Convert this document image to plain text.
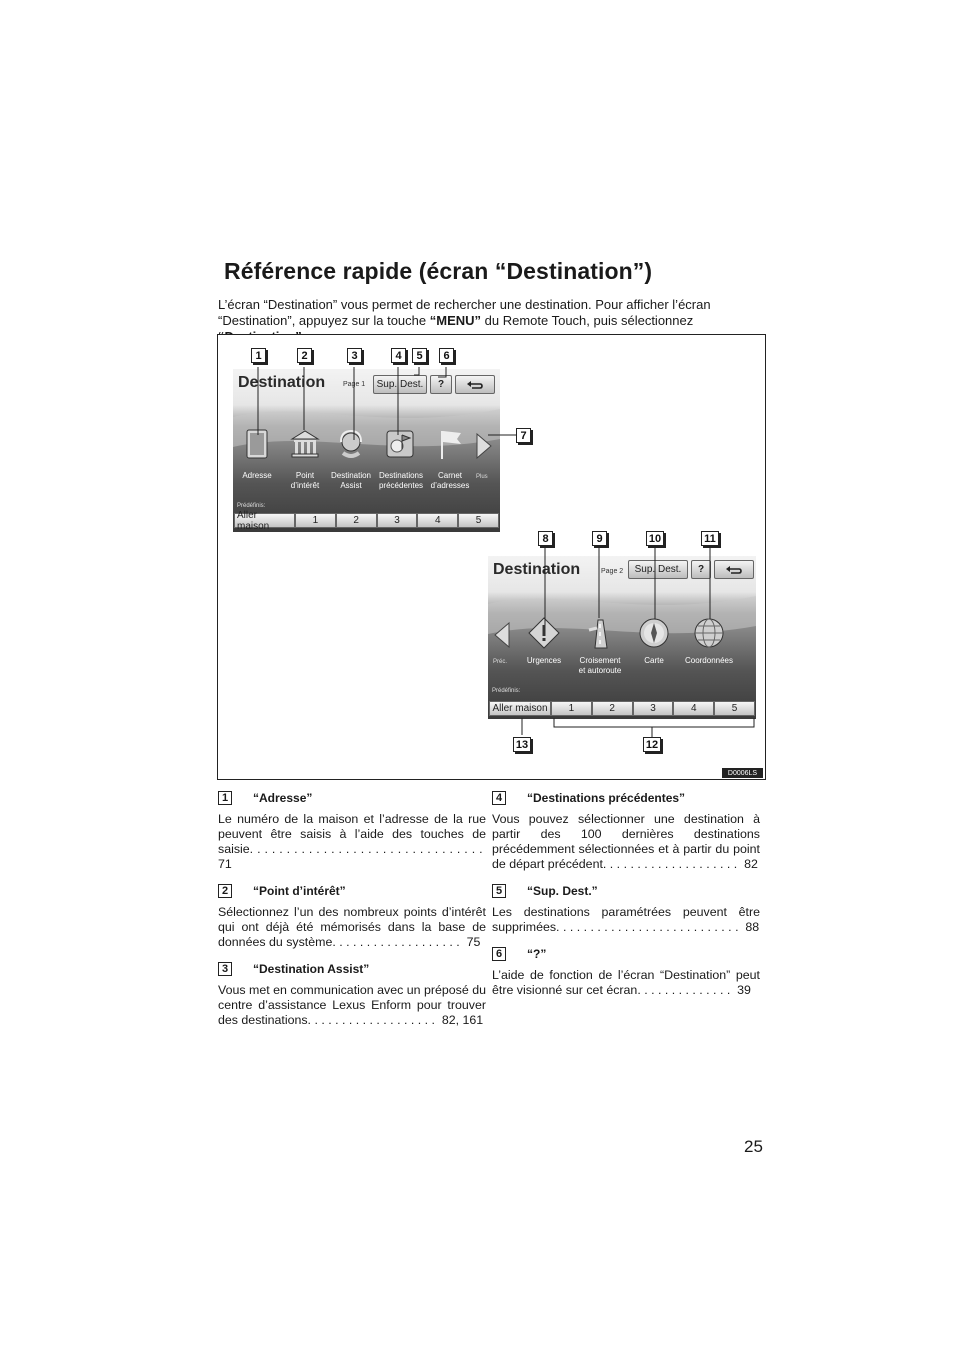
Référence rapide (écran “Destination”)
L’écran “Destination” vous permet de rechercher une destination. Pour afficher l’écran “Destination”, appuyez sur la touche “MENU” du Remote Touch, puis sélectionnez
Destination	Page 1	Sup. Dest.	?
Adresse	Point
d’intérêt
Destination
Assist
Destinations
précédentes
Carnet
d’adresses
Plus
Prédéfinis:
Aller maison	1	2	3	4	5
Destination	Page 2	Sup. Dest.	?
Préc.	Urgences	Croisement
et autoroute
Carte	Coordonnées
Prédéfinis:
Aller maison	1	2	3	4	5
1	2	3	4	5	6
7
8	9	10	11
12
13
D0006LS
1	“Adresse”
Le numéro de la maison et l’adresse de la rue peuvent être saisis à l’aide des touches de saisie. . . . . . . . . . . . . . . . . . . . . . . . . . . . . . . .  71
2	“Point d’intérêt”
Sélectionnez l’un des nombreux points d’intérêt qui ont déjà été mémorisés dans la base de données du système. . . . . . . . . . . . . . . . . . .  75
3	“Destination Assist”
Vous met en communication avec un préposé du centre d’assistance Lexus Enform pour trouver des destinations. . . . . . . . . . . . . . . . . . .  82, 161
4	“Destinations précédentes”
Vous pouvez sélectionner une destination à partir des 100 dernières destinations précédemment sélectionnées et à partir du point de départ précédent. . . . . . . . . . . . . . . . . . . .  82
5	“Sup. Dest.”
Les destinations paramétrées peuvent être supprimées. . . . . . . . . . . . . . . . . . . . . . . . . . .  88
6	“?”
L’aide de fonction de l’écran “Destination” peut être visionné sur cet écran. . . . . . . . . . . . . .  39
25
